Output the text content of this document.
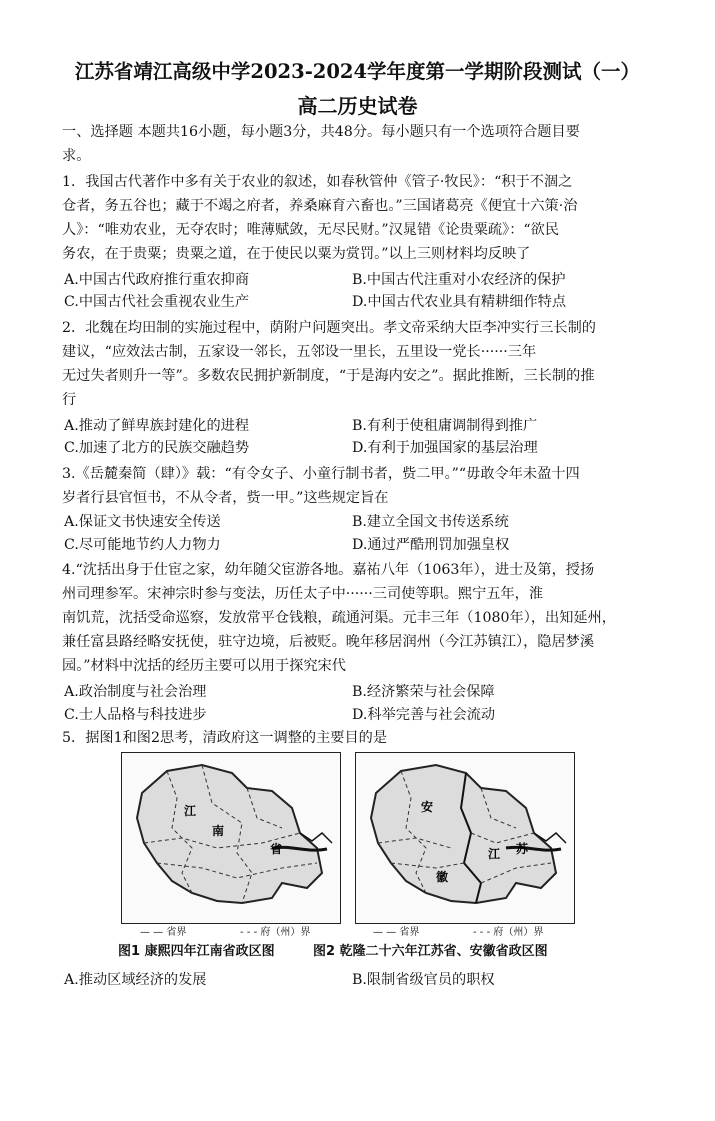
江苏省靖江高级中学2023-2024学年度第一学期阶段测试（一）
高二历史试卷
一、选择题 本题共16小题，每小题3分，共48分。每小题只有一个选项符合题目要
求。
1．我国古代著作中多有关于农业的叙述，如春秋管仲《管子·牧民》：“积于不涸之
仓者，务五谷也；藏于不竭之府者，养桑麻育六畜也。”三国诸葛亮《便宜十六策·治
人》：“唯劝农业，无夺农时；唯薄赋敛，无尽民财。”汉晁错《论贵粟疏》：“欲民
务农，在于贵粟；贵粟之道，在于使民以粟为赏罚。”以上三则材料均反映了
A.中国古代政府推行重农抑商	B.中国古代注重对小农经济的保护
C.中国古代社会重视农业生产	D.中国古代农业具有精耕细作特点
2．北魏在均田制的实施过程中，荫附户问题突出。孝文帝采纳大臣李冲实行三长制的
建议，“应效法古制，五家设一邻长，五邻设一里长，五里设一党长······三年
无过失者则升一等”。多数农民拥护新制度，“于是海内安之”。据此推断，三长制的推
行
A.推动了鲜卑族封建化的进程	B.有利于使租庸调制得到推广
C.加速了北方的民族交融趋势	D.有利于加强国家的基层治理
3.《岳麓秦简（肆）》载：“有令女子、小童行制书者，赀二甲。”“毋敢令年未盈十四
岁者行县官恒书，不从令者，赀一甲。”这些规定旨在
A.保证文书快速安全传送	B.建立全国文书传送系统
C.尽可能地节约人力物力	D.通过严酷刑罚加强皇权
4.“沈括出身于仕宦之家，幼年随父宦游各地。嘉祐八年（1063年），进士及第，授扬
州司理参军。宋神宗时参与变法，历任太子中······三司使等职。熙宁五年，淮
南饥荒，沈括受命巡察，发放常平仓钱粮，疏通河渠。元丰三年（1080年），出知延州，
兼任富县路经略安抚使，驻守边境，后被贬。晚年移居润州（今江苏镇江），隐居梦溪
园。”材料中沈括的经历主要可以用于探究宋代
A.政治制度与社会治理	B.经济繁荣与社会保障
C.士人品格与科技进步	D.科举完善与社会流动
5．据图1和图2思考，清政府这一调整的主要目的是
江
南
省
— — 省界	- - - 府（州）界
图1 康熙四年江南省政区图
安
徽
江 苏
— — 省界	- - - 府（州）界
图2 乾隆二十六年江苏省、安徽省政区图
A.推动区域经济的发展	B.限制省级官员的职权
